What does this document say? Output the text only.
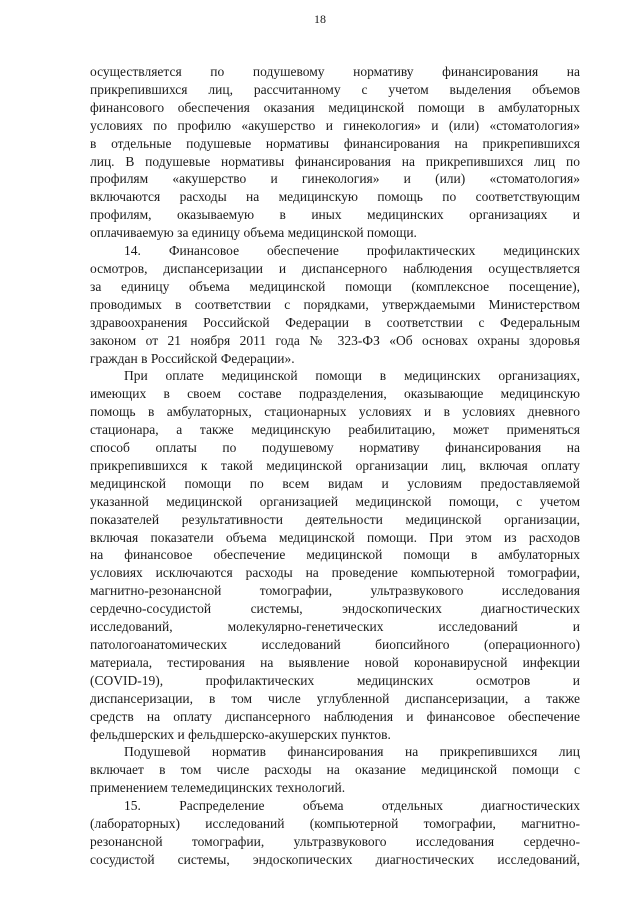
18
осуществляется по подушевому нормативу финансирования на
прикрепившихся лиц, рассчитанному с учетом выделения объемов
финансового обеспечения оказания медицинской помощи в амбулаторных
условиях по профилю «акушерство и гинекология» и (или) «стоматология»
в отдельные подушевые нормативы финансирования на прикрепившихся
лиц. В подушевые нормативы финансирования на прикрепившихся лиц по
профилям «акушерство и гинекология» и (или) «стоматология»
включаются расходы на медицинскую помощь по соответствующим
профилям, оказываемую в иных медицинских организациях и
оплачиваемую за единицу объема медицинской помощи.
14. Финансовое обеспечение профилактических медицинских
осмотров, диспансеризации и диспансерного наблюдения осуществляется
за единицу объема медицинской помощи (комплексное посещение),
проводимых в соответствии с порядками, утверждаемыми Министерством
здравоохранения Российской Федерации в соответствии с Федеральным
законом от 21 ноября 2011 года № 323-ФЗ «Об основах охраны здоровья
граждан в Российской Федерации».
При оплате медицинской помощи в медицинских организациях,
имеющих в своем составе подразделения, оказывающие медицинскую
помощь в амбулаторных, стационарных условиях и в условиях дневного
стационара, а также медицинскую реабилитацию, может применяться
способ оплаты по подушевому нормативу финансирования на
прикрепившихся к такой медицинской организации лиц, включая оплату
медицинской помощи по всем видам и условиям предоставляемой
указанной медицинской организацией медицинской помощи, с учетом
показателей результативности деятельности медицинской организации,
включая показатели объема медицинской помощи. При этом из расходов
на финансовое обеспечение медицинской помощи в амбулаторных
условиях исключаются расходы на проведение компьютерной томографии,
магнитно-резонансной томографии, ультразвукового исследования
сердечно-сосудистой системы, эндоскопических диагностических
исследований, молекулярно-генетических исследований и
патологоанатомических исследований биопсийного (операционного)
материала, тестирования на выявление новой коронавирусной инфекции
(COVID-19), профилактических медицинских осмотров и
диспансеризации, в том числе углубленной диспансеризации, а также
средств на оплату диспансерного наблюдения и финансовое обеспечение
фельдшерских и фельдшерско-акушерских пунктов.
Подушевой норматив финансирования на прикрепившихся лиц
включает в том числе расходы на оказание медицинской помощи с
применением телемедицинских технологий.
15. Распределение объема отдельных диагностических
(лабораторных) исследований (компьютерной томографии, магнитно-
резонансной томографии, ультразвукового исследования сердечно-
сосудистой системы, эндоскопических диагностических исследований,
